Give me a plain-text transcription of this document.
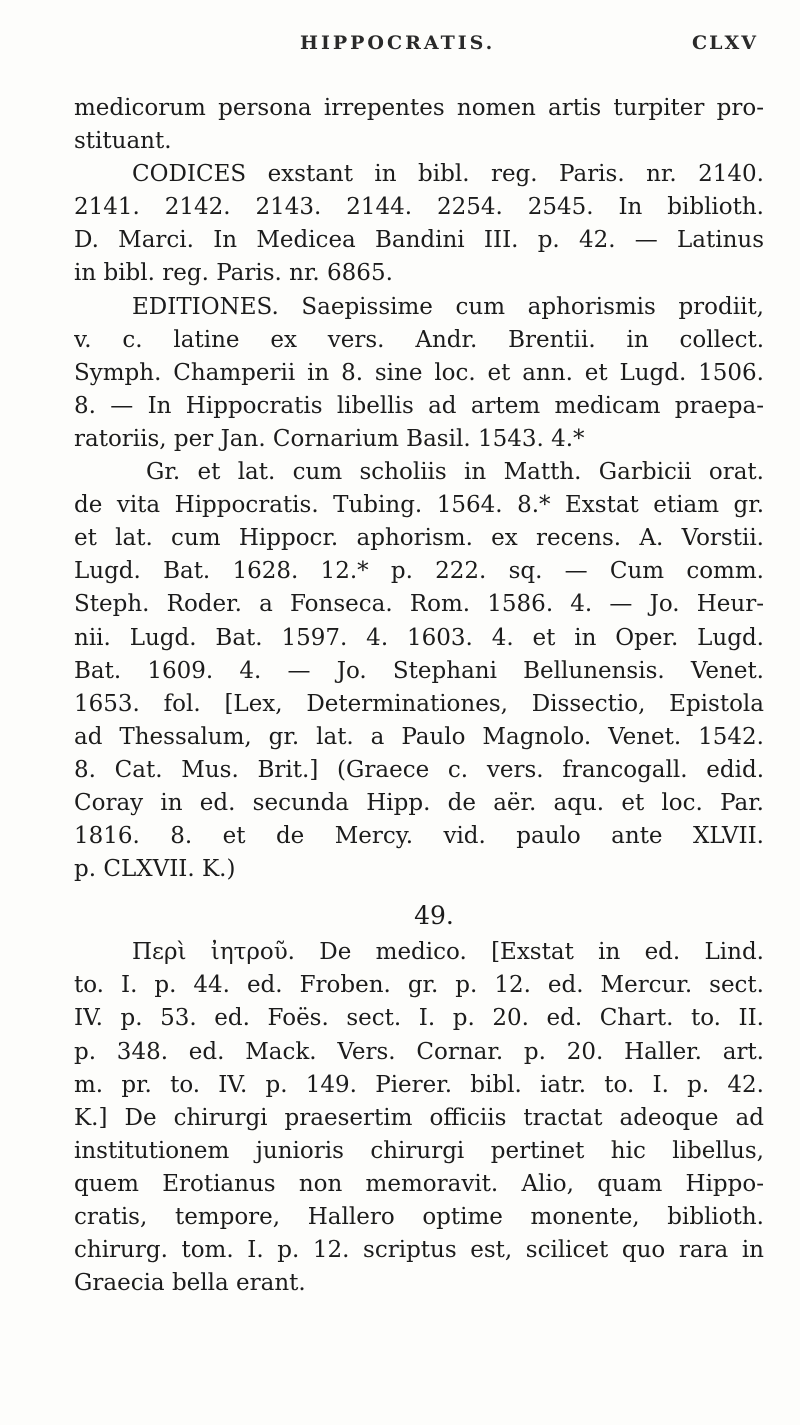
HIPPOCRATIS.	CLXV
medicorum persona irrepentes nomen artis turpiter pro-
stituant.
CODICES exstant in bibl. reg. Paris. nr. 2140.
2141. 2142. 2143. 2144. 2254. 2545. In biblioth.
D. Marci. In Medicea Bandini III. p. 42. — Latinus
in bibl. reg. Paris. nr. 6865.
EDITIONES. Saepissime cum aphorismis prodiit,
v. c. latine ex vers. Andr. Brentii. in collect.
Symph. Champerii in 8. sine loc. et ann. et Lugd. 1506.
8. — In Hippocratis libellis ad artem medicam praepa-
ratoriis, per Jan. Cornarium Basil. 1543. 4.*
Gr. et lat. cum scholiis in Matth. Garbicii orat.
de vita Hippocratis. Tubing. 1564. 8.* Exstat etiam gr.
et lat. cum Hippocr. aphorism. ex recens. A. Vorstii.
Lugd. Bat. 1628. 12.* p. 222. sq. — Cum comm.
Steph. Roder. a Fonseca. Rom. 1586. 4. — Jo. Heur-
nii. Lugd. Bat. 1597. 4. 1603. 4. et in Oper. Lugd.
Bat. 1609. 4. — Jo. Stephani Bellunensis. Venet.
1653. fol. [Lex, Determinationes, Dissectio, Epistola
ad Thessalum, gr. lat. a Paulo Magnolo. Venet. 1542.
8. Cat. Mus. Brit.] (Graece c. vers. francogall. edid.
Coray in ed. secunda Hipp. de aër. aqu. et loc. Par.
1816. 8. et de Mercy. vid. paulo ante XLVII.
p. CLXVII. K.)
49.
Περὶ ἰητροῦ. De medico. [Exstat in ed. Lind.
to. I. p. 44. ed. Froben. gr. p. 12. ed. Mercur. sect.
IV. p. 53. ed. Foës. sect. I. p. 20. ed. Chart. to. II.
p. 348. ed. Mack. Vers. Cornar. p. 20. Haller. art.
m. pr. to. IV. p. 149. Pierer. bibl. iatr. to. I. p. 42.
K.] De chirurgi praesertim officiis tractat adeoque ad
institutionem junioris chirurgi pertinet hic libellus,
quem Erotianus non memoravit. Alio, quam Hippo-
cratis, tempore, Hallero optime monente, biblioth.
chirurg. tom. I. p. 12. scriptus est, scilicet quo rara in
Graecia bella erant.
